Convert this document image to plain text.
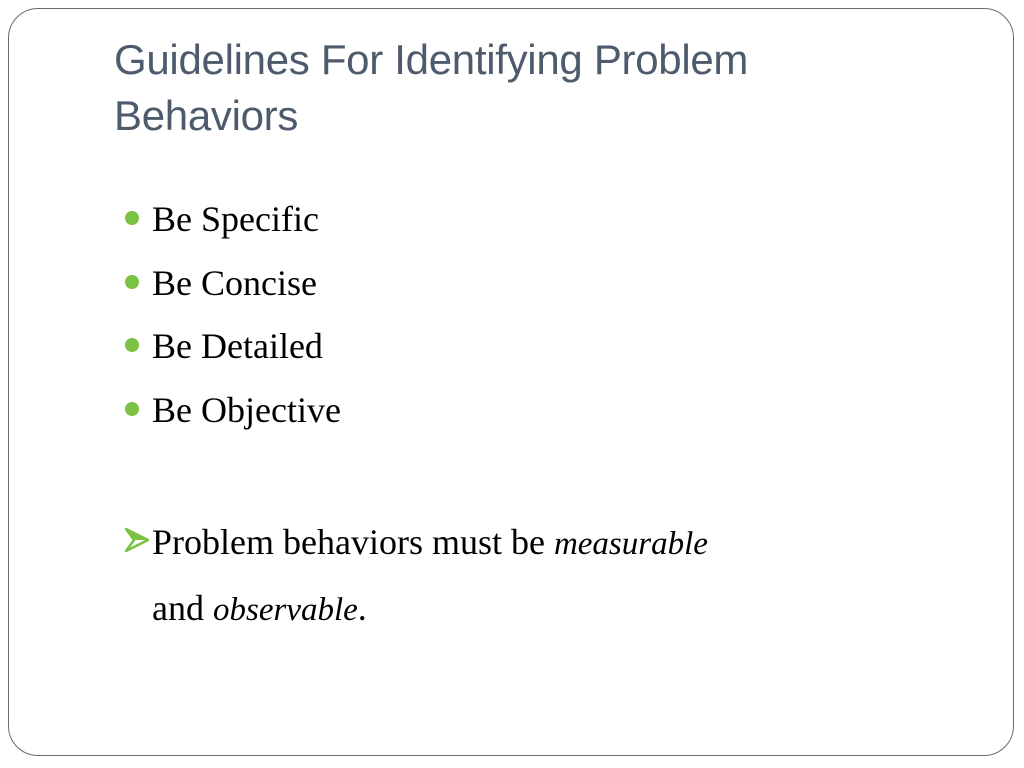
Guidelines For Identifying Problem
Behaviors
Be Specific
Be Concise
Be Detailed
Be Objective
Problem behaviors must be measurable
and observable.
